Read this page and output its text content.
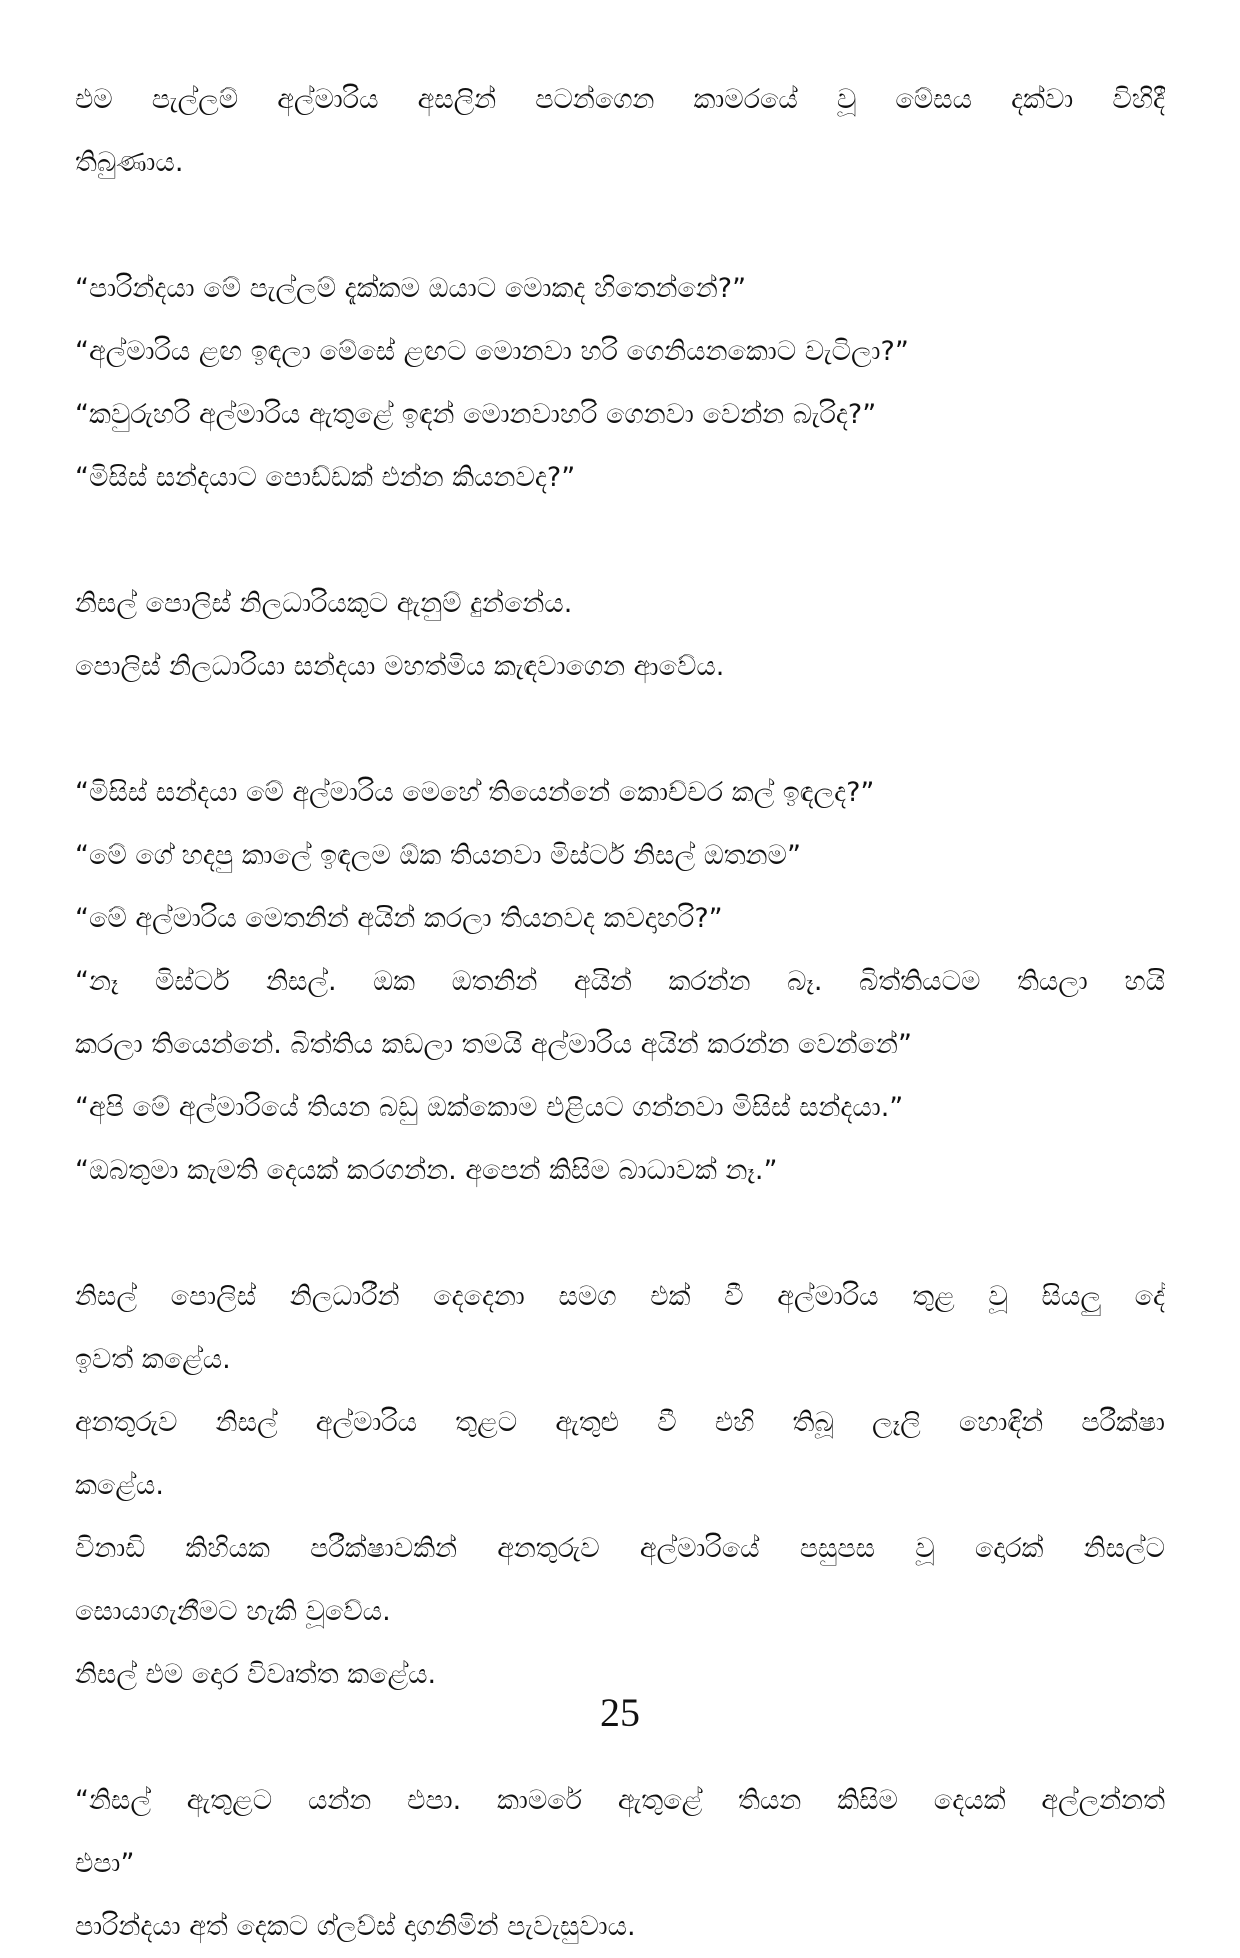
එම පැල්ලම් අල්මාරිය අසලින් පටන්ගෙන කාමරයේ වූ මේසය දක්වා විහිදී
තිබුණාය.
“පාරින්දයා මේ පැල්ලම් දැක්කම ඔයාට මොකද හිතෙන්නේ?”
“අල්මාරිය ළඟ ඉඳලා මේසේ ළඟට මොනවා හරි ගෙනියනකොට වැටිලා?”
“කවුරුහරි අල්මාරිය ඇතුළේ ඉඳන් මොනවාහරි ගෙනවා වෙන්න බැරිද?”
“මිසිස් සන්දයාට පොඩ්ඩක් එන්න කියනවද?”
නිසල් පොලිස් නිලධාරියකුට ඇනුම් දුන්නේය.
පොලිස් නිලධාරියා සන්දයා මහත්මිය කැඳවාගෙන ආවේය.
“මිසිස් සන්දයා මේ අල්මාරිය මෙහේ තියෙන්නේ කොච්චර කල් ඉඳලද?”
“මේ ගේ හදපු කාලේ ඉඳලම ඕක තියනවා මිස්ටර් නිසල් ඔතනම”
“මේ අල්මාරිය මෙතනින් අයින් කරලා තියනවද කවදාහරි?”
“නෑ මිස්ටර් නිසල්. ඔක ඔතනින් අයින් කරන්න බෑ. බිත්තියටම තියලා හයි
කරලා තියෙන්නේ. බිත්තිය කඩලා තමයි අල්මාරිය අයින් කරන්න වෙන්නේ”
“අපි මේ අල්මාරියේ තියන බඩු ඔක්කොම එළියට ගන්නවා මිසිස් සන්දයා.”
“ඔබතුමා කැමති දෙයක් කරගන්න. අපෙන් කිසිම බාධාවක් නෑ.”
නිසල් පොලිස් නිලධාරීන් දෙදෙනා සමග එක් වී අල්මාරිය තුළ වූ සියලු දේ
ඉවත් කළේය.
අනතුරුව නිසල් අල්මාරිය තුළට ඇතුළු වී එහි තිබූ ලෑලි හොඳින් පරීක්ෂා
කළේය.
විනාඩි කිහියක පරීක්ෂාවකින් අනතුරුව අල්මාරියේ පසුපස වූ දොරක් නිසල්ට
සොයාගැනීමට හැකි වූවේය.
නිසල් එම දොර විවෘත්ත කළේය.
“නිසල් ඇතුළට යන්න එපා. කාමරේ ඇතුළේ තියන කිසිම දෙයක් අල්ලන්නත්
එපා”
පාරින්දයා අත් දෙකට ග්ලව්ස් දාගනිමින් පැවැසුවාය.
25
